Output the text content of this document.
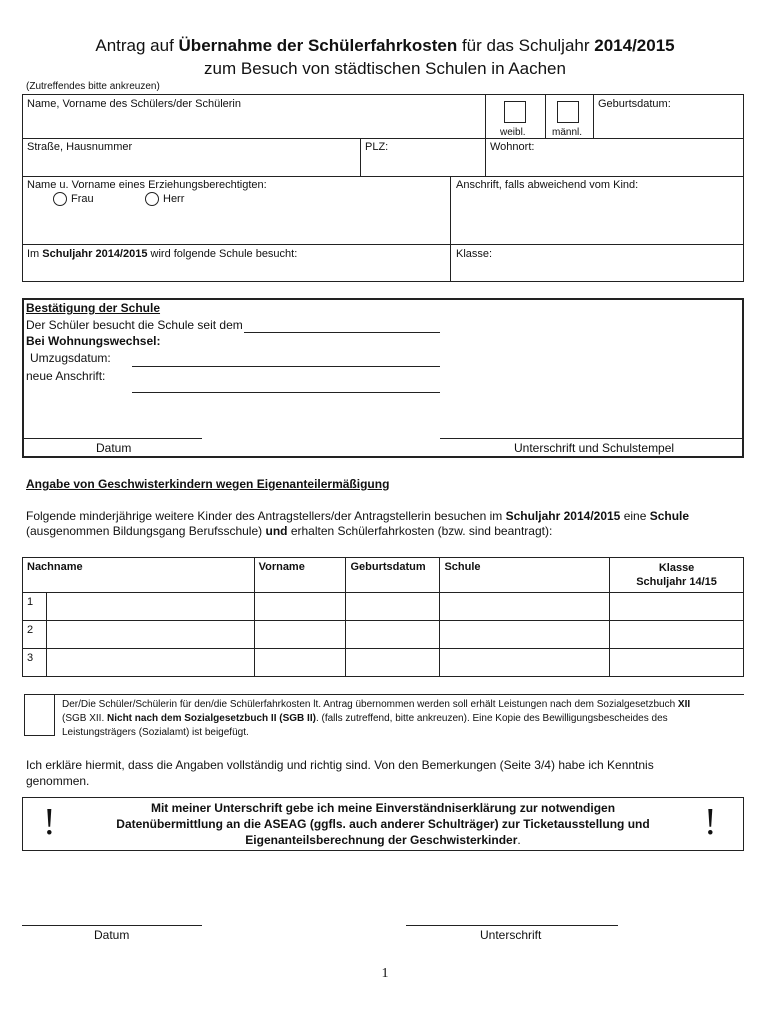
Antrag auf Übernahme der Schülerfahrkosten für das Schuljahr 2014/2015
zum Besuch von städtischen Schulen in Aachen
(Zutreffendes bitte ankreuzen)
Name, Vorname des Schülers/der Schülerin
weibl.	männl.
Geburtsdatum:
Straße, Hausnummer	PLZ:	Wohnort:
Name u. Vorname eines Erziehungsberechtigten:
Frau	Herr
Anschrift, falls abweichend vom Kind:
Im Schuljahr 2014/2015 wird folgende Schule besucht:	Klasse:
Bestätigung der Schule
Der Schüler besucht die Schule seit dem
Bei Wohnungswechsel:
Umzugsdatum:
neue Anschrift:
Datum	Unterschrift und Schulstempel
Angabe von Geschwisterkindern wegen Eigenanteilermäßigung
Folgende minderjährige weitere Kinder des Antragstellers/der Antragstellerin besuchen im Schuljahr 2014/2015 eine Schule
(ausgenommen Bildungsgang Berufsschule) und erhalten Schülerfahrkosten (bzw. sind beantragt):
Nachname		Vorname	Geburtsdatum	Schule	Klasse
Schuljahr 14/15
1					
2					
3					
Der/Die Schüler/Schülerin für den/die Schülerfahrkosten lt. Antrag übernommen werden soll erhält Leistungen nach dem Sozialgesetzbuch XII
(SGB XII. Nicht nach dem Sozialgesetzbuch II (SGB II). (falls zutreffend, bitte ankreuzen). Eine Kopie des Bewilligungsbescheides des
Leistungsträgers (Sozialamt) ist beigefügt.
Ich erkläre hiermit, dass die Angaben vollständig und richtig sind. Von den Bemerkungen (Seite 3/4) habe ich Kenntnis
genommen.
!	!
Mit meiner Unterschrift gebe ich meine Einverständniserklärung zur notwendigen
Datenübermittlung an die ASEAG (ggfls. auch anderer Schulträger) zur Ticketausstellung und
Eigenanteilsberechnung der Geschwisterkinder.
Datum	Unterschrift
1
